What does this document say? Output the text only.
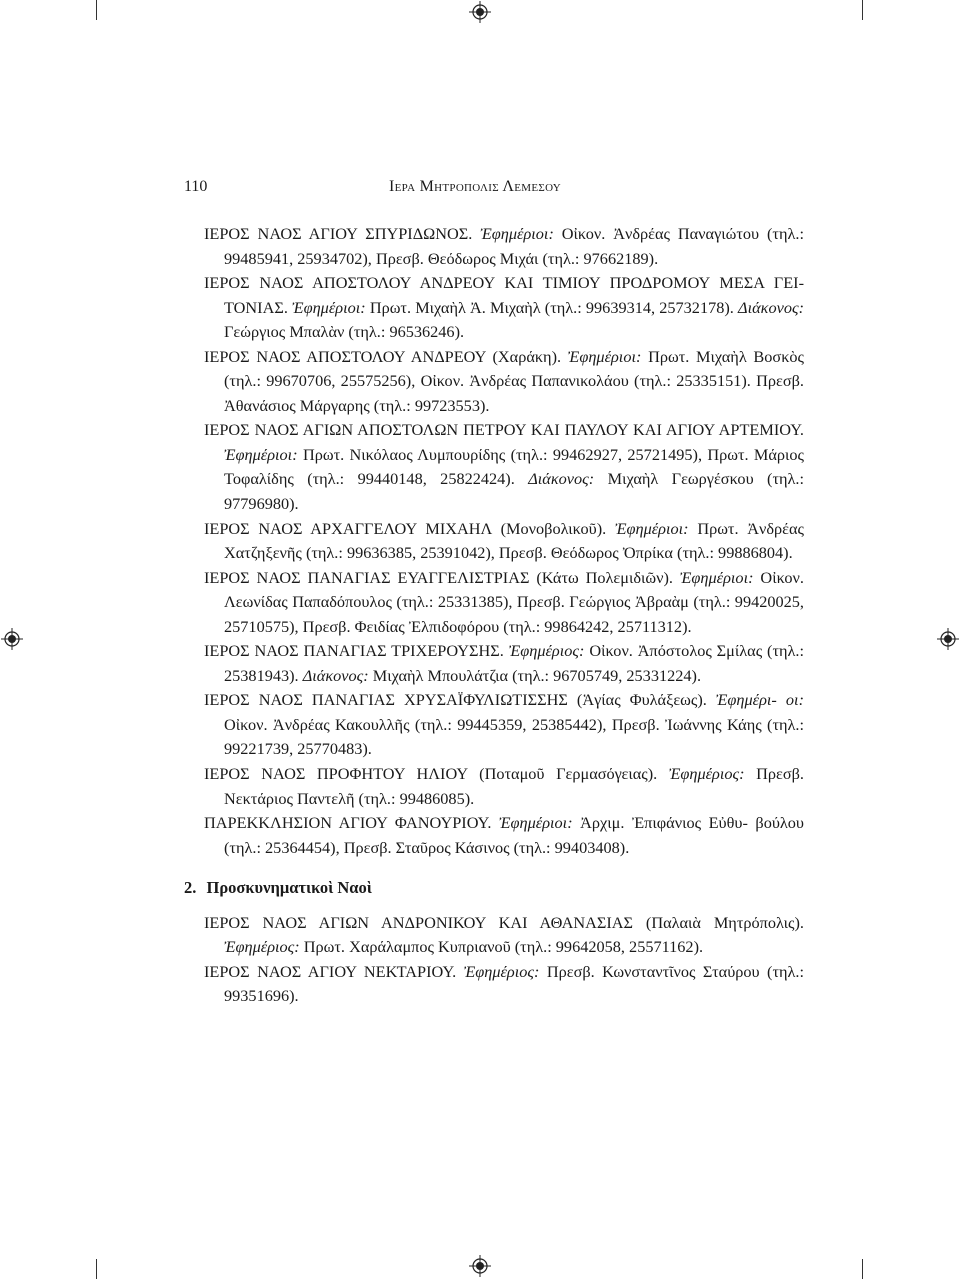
110	Ιερα Μητροπολις Λεμεσου

ΙΕΡΟΣ ΝΑΟΣ ΑΓΙΟΥ ΣΠΥΡΙΔΩΝΟΣ. Ἐφημέριοι: Οἰκον. Ἀνδρέας Παναγιώτου (τηλ.: 99485941, 25934702), Πρεσβ. Θεόδωρος Μιχάι (τηλ.: 97662189).

ΙΕΡΟΣ ΝΑΟΣ ΑΠΟΣΤΟΛΟΥ ΑΝΔΡΕΟΥ ΚΑΙ ΤΙΜΙΟΥ ΠΡΟΔΡΟΜΟΥ ΜΕΣΑ ΓΕΙ- ΤΟΝΙΑΣ. Ἐφημέριοι: Πρωτ. Μιχαὴλ Ἀ. Μιχαὴλ (τηλ.: 99639314, 25732178). Διάκονος: Γεώργιος Μπαλὰν (τηλ.: 96536246).

ΙΕΡΟΣ ΝΑΟΣ ΑΠΟΣΤΟΛΟΥ ΑΝΔΡΕΟΥ (Χαράκη). Ἐφημέριοι: Πρωτ. Μιχαὴλ Βοσκὸς (τηλ.: 99670706, 25575256), Οἰκον. Ἀνδρέας Παπανικολάου (τηλ.: 25335151). Πρεσβ. Ἀθανάσιος Μάργαρης (τηλ.: 99723553).

ΙΕΡΟΣ ΝΑΟΣ ΑΓΙΩΝ ΑΠΟΣΤΟΛΩΝ ΠΕΤΡΟΥ ΚΑΙ ΠΑΥΛΟΥ ΚΑΙ ΑΓΙΟΥ ΑΡΤΕΜΙΟΥ. Ἐφημέριοι: Πρωτ. Νικόλαος Λυμπουρίδης (τηλ.: 99462927, 25721495), Πρωτ. Μάριος Τοφαλίδης (τηλ.: 99440148, 25822424). Διάκονος: Μιχαὴλ Γεωργέσκου (τηλ.: 97796980).

ΙΕΡΟΣ ΝΑΟΣ ΑΡΧΑΓΓΕΛΟΥ ΜΙΧΑΗΛ (Μονοβολικοῦ). Ἐφημέριοι: Πρωτ. Ἀνδρέας Χατζηξενῆς (τηλ.: 99636385, 25391042), Πρεσβ. Θεόδωρος Ὀπρίκα (τηλ.: 99886804).

ΙΕΡΟΣ ΝΑΟΣ ΠΑΝΑΓΙΑΣ ΕΥΑΓΓΕΛΙΣΤΡΙΑΣ (Κάτω Πολεμιδιῶν). Ἐφημέριοι: Οἰκον. Λεωνίδας Παπαδόπουλος (τηλ.: 25331385), Πρεσβ. Γεώργιος Ἀβραὰμ (τηλ.: 99420025, 25710575), Πρεσβ. Φειδίας Ἐλπιδοφόρου (τηλ.: 99864242, 25711312).

ΙΕΡΟΣ ΝΑΟΣ ΠΑΝΑΓΙΑΣ ΤΡΙΧΕΡΟΥΣΗΣ. Ἐφημέριος: Οἰκον. Ἀπόστολος Σμίλας (τηλ.: 25381943). Διάκονος: Μιχαὴλ Μπουλάτζια (τηλ.: 96705749, 25331224).

ΙΕΡΟΣ ΝΑΟΣ ΠΑΝΑΓΙΑΣ ΧΡΥΣΑΪΦΥΛΙΩΤΙΣΣΗΣ (Ἁγίας Φυλάξεως). Ἐφημέρι- οι: Οἰκον. Ἀνδρέας Κακουλλῆς (τηλ.: 99445359, 25385442), Πρεσβ. Ἰωάννης Κάης (τηλ.: 99221739, 25770483).

ΙΕΡΟΣ ΝΑΟΣ ΠΡΟΦΗΤΟΥ ΗΛΙΟΥ (Ποταμοῦ Γερμασόγειας). Ἐφημέριος: Πρεσβ. Νεκτάριος Παντελῆ (τηλ.: 99486085).

ΠΑΡΕΚΚΛΗΣΙΟΝ ΑΓΙΟΥ ΦΑΝΟΥΡΙΟΥ. Ἐφημέριοι: Ἀρχιμ. Ἐπιφάνιος Εὐθυ- βούλου (τηλ.: 25364454), Πρεσβ. Σταῦρος Κάσινος (τηλ.: 99403408).

2. Προσκυνηματικοὶ Ναοὶ

ΙΕΡΟΣ ΝΑΟΣ ΑΓΙΩΝ ΑΝΔΡΟΝΙΚΟΥ ΚΑΙ ΑΘΑΝΑΣΙΑΣ (Παλαιὰ Μητρόπολις). Ἐφημέριος: Πρωτ. Χαράλαμπος Κυπριανοῦ (τηλ.: 99642058, 25571162).

ΙΕΡΟΣ ΝΑΟΣ ΑΓΙΟΥ ΝΕΚΤΑΡΙΟΥ. Ἐφημέριος: Πρεσβ. Κωνσταντῖνος Σταύρου (τηλ.: 99351696).
